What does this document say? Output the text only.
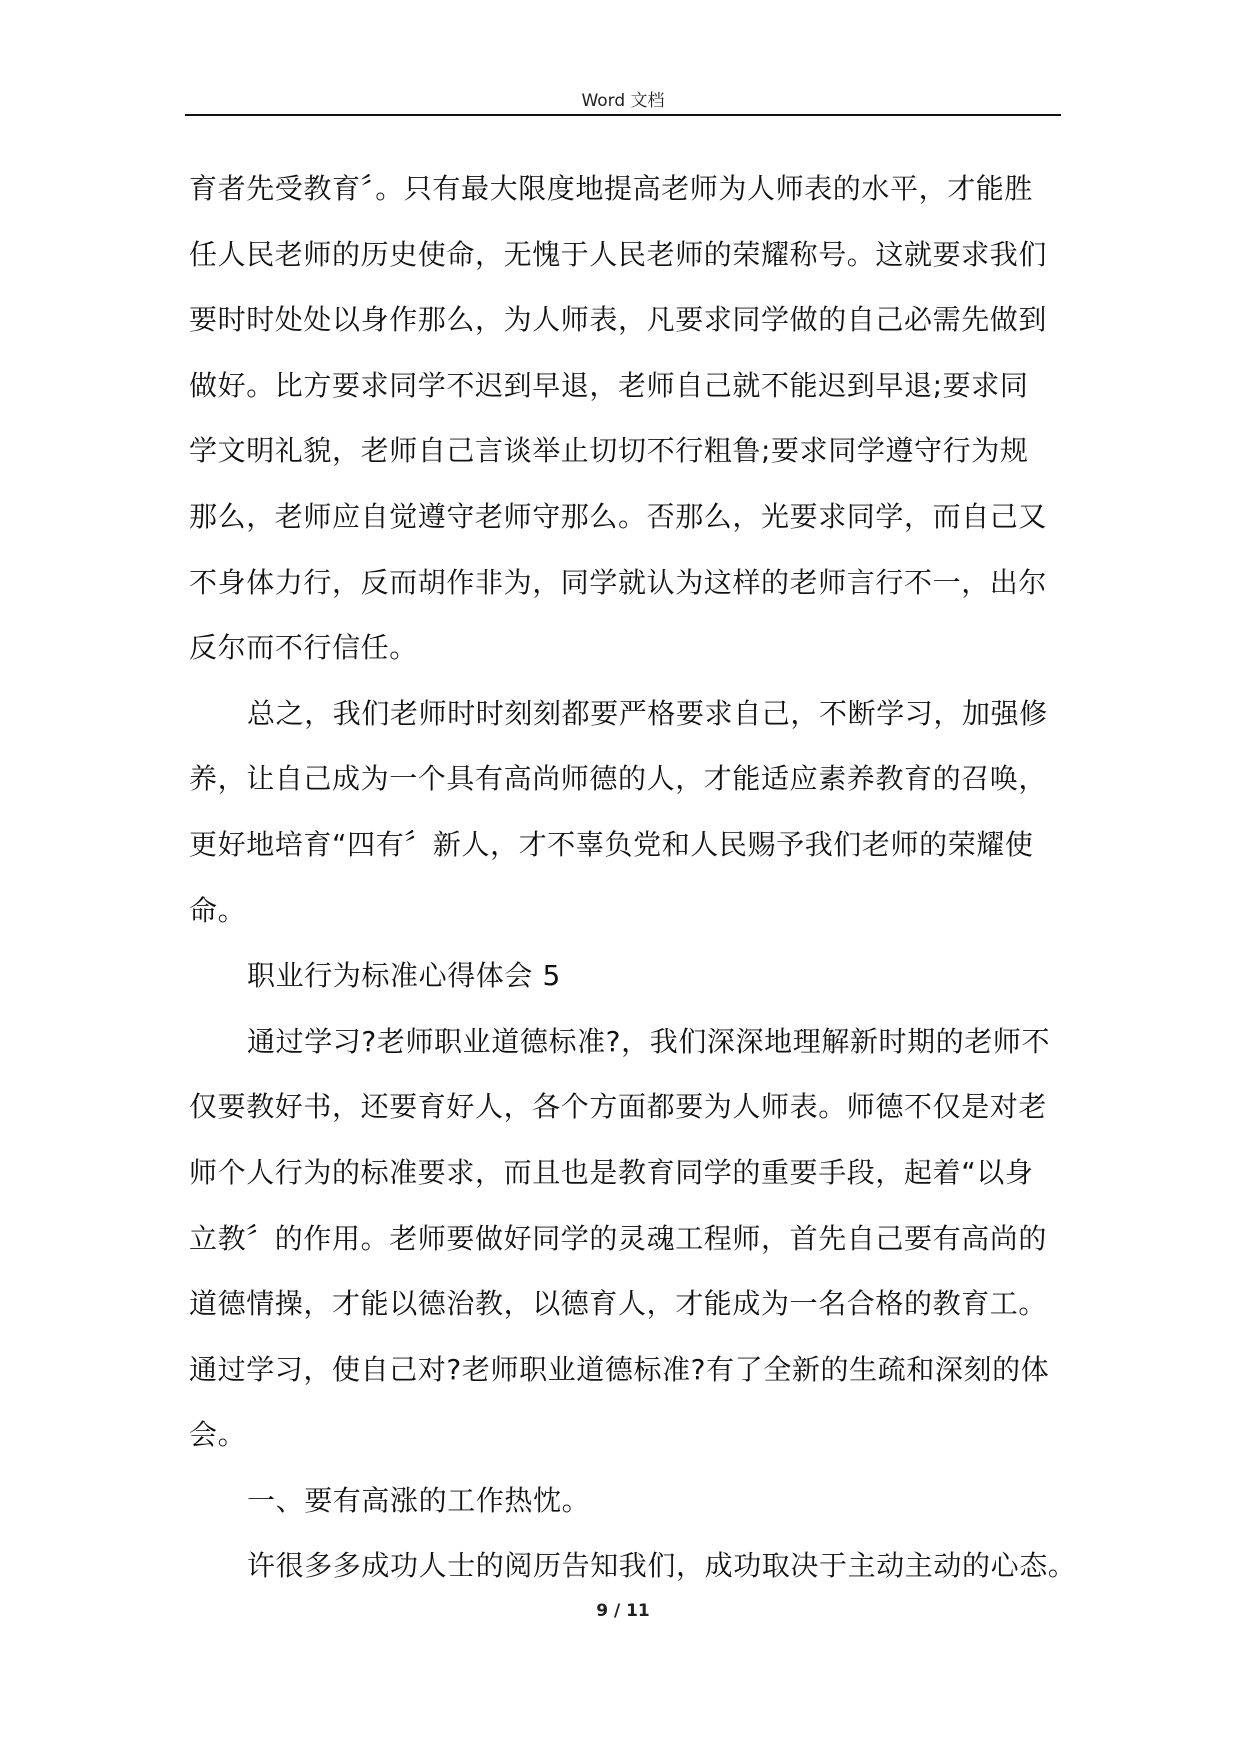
Word 文档
育者先受教育〞。只有最大限度地提高老师为人师表的水平，才能胜
任人民老师的历史使命，无愧于人民老师的荣耀称号。这就要求我们
要时时处处以身作那么，为人师表，凡要求同学做的自己必需先做到
做好。比方要求同学不迟到早退，老师自己就不能迟到早退;要求同
学文明礼貌，老师自己言谈举止切切不行粗鲁;要求同学遵守行为规
那么，老师应自觉遵守老师守那么。否那么，光要求同学，而自己又
不身体力行，反而胡作非为，同学就认为这样的老师言行不一，出尔
反尔而不行信任。
总之，我们老师时时刻刻都要严格要求自己，不断学习，加强修
养，让自己成为一个具有高尚师德的人，才能适应素养教育的召唤，
更好地培育“四有〞新人，才不辜负党和人民赐予我们老师的荣耀使
命。
职业行为标准心得体会 5
通过学习?老师职业道德标准?，我们深深地理解新时期的老师不
仅要教好书，还要育好人，各个方面都要为人师表。师德不仅是对老
师个人行为的标准要求，而且也是教育同学的重要手段，起着“以身
立教〞的作用。老师要做好同学的灵魂工程师，首先自己要有高尚的
道德情操，才能以德治教，以德育人，才能成为一名合格的教育工。
通过学习，使自己对?老师职业道德标准?有了全新的生疏和深刻的体
会。
一、要有高涨的工作热忱。
许很多多成功人士的阅历告知我们，成功取决于主动主动的心态。
9 / 11
